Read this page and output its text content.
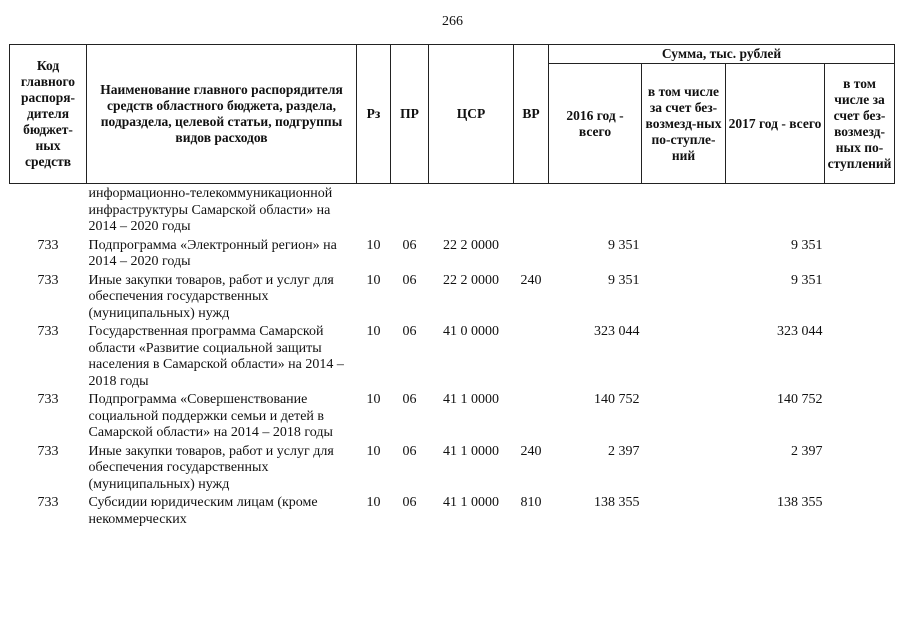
266
Код главного распоря-дителя бюджет-ных средств	Наименование главного распорядителя средств областного бюджета, раздела, подраздела, целевой статьи, подгруппы видов расходов	Рз	ПР	ЦСР	ВР	Сумма, тыс. рублей			
						2016 год - всего	в том числе за счет без-возмезд-ных по-ступле-ний	2017 год - всего	в том числе за счет без-возмезд-ных по-ступлений
	информационно-телекоммуникационной инфраструктуры Самарской области» на 2014 – 2020 годы								
733	Подпрограмма «Электронный регион» на 2014 – 2020 годы	10	06	22 2 0000		9 351		9 351	
733	Иные закупки товаров, работ и услуг для обеспечения государственных (муниципальных) нужд	10	06	22 2 0000	240	9 351		9 351	
733	Государственная программа Самарской области «Развитие социальной защиты населения в Самарской области» на 2014 – 2018 годы	10	06	41 0 0000		323 044		323 044	
733	Подпрограмма «Совершенствование социальной поддержки семьи и детей в Самарской области» на 2014 – 2018 годы	10	06	41 1 0000		140 752		140 752	
733	Иные закупки товаров, работ и услуг для обеспечения государственных (муниципальных) нужд	10	06	41 1 0000	240	2 397		2 397	
733	Субсидии юридическим лицам (кроме некоммерческих	10	06	41 1 0000	810	138 355		138 355	
